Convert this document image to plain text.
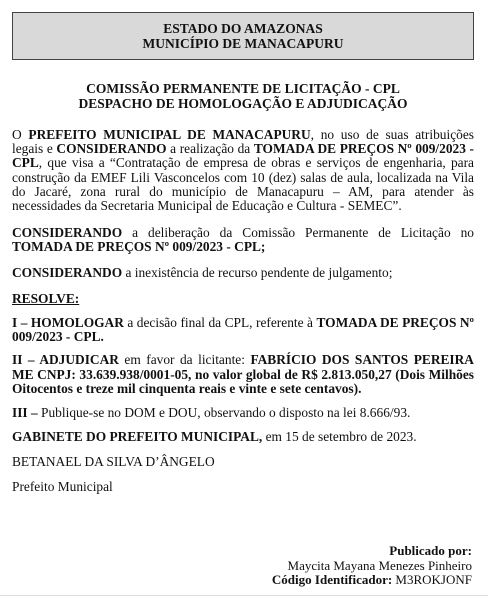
ESTADO DO AMAZONAS
MUNICÍPIO DE MANACAPURU
COMISSÃO PERMANENTE DE LICITAÇÃO - CPL
DESPACHO DE HOMOLOGAÇÃO E ADJUDICAÇÃO

O PREFEITO MUNICIPAL DE MANACAPURU, no uso de suas atribuições legais e CONSIDERANDO a realização da TOMADA DE PREÇOS Nº 009/2023 - CPL, que visa a “Contratação de empresa de obras e serviços de engenharia, para construção da EMEF Lili Vasconcelos com 10 (dez) salas de aula, localizada na Vila do Jacaré, zona rural do município de Manacapuru – AM, para atender às necessidades da Secretaria Municipal de Educação e Cultura - SEMEC”.

CONSIDERANDO a deliberação da Comissão Permanente de Licitação no TOMADA DE PREÇOS Nº 009/2023 - CPL;

CONSIDERANDO a inexistência de recurso pendente de julgamento;

RESOLVE:

I – HOMOLOGAR a decisão final da CPL, referente à TOMADA DE PREÇOS Nº 009/2023 - CPL.

II – ADJUDICAR em favor da licitante: FABRÍCIO DOS SANTOS PEREIRA ME CNPJ: 33.639.938/0001-05, no valor global de R$ 2.813.050,27 (Dois Milhões Oitocentos e treze mil cinquenta reais e vinte e sete centavos).

III – Publique-se no DOM e DOU, observando o disposto na lei 8.666/93.

GABINETE DO PREFEITO MUNICIPAL, em 15 de setembro de 2023.

BETANAEL DA SILVA D’ÂNGELO

Prefeito Municipal

Publicado por:
Maycita Mayana Menezes Pinheiro
Código Identificador: M3ROKJONF
